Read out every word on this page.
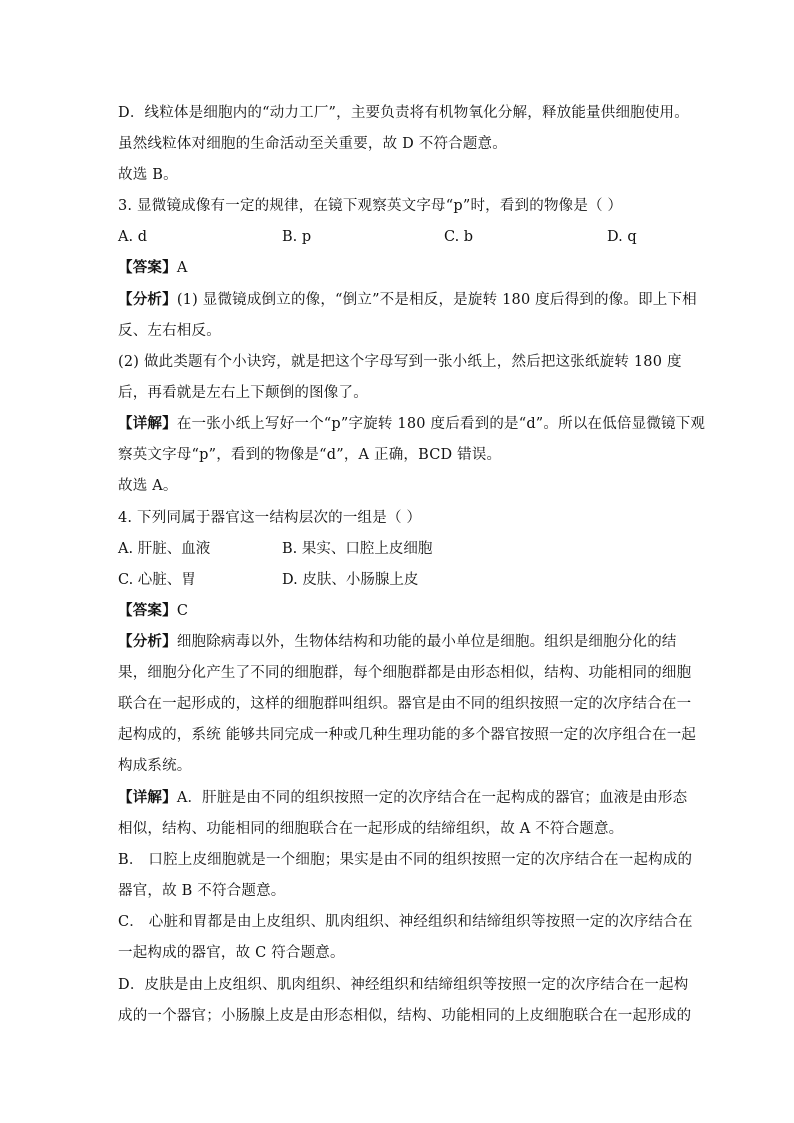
D．线粒体是细胞内的“动力工厂”，主要负责将有机物氧化分解，释放能量供细胞使用。
虽然线粒体对细胞的生命活动至关重要，故 D 不符合题意。
故选 B。
3. 显微镜成像有一定的规律，在镜下观察英文字母“p”时，看到的物像是（ ）
A. d	B. p	C. b	D. q
【答案】A
【分析】(1) 显微镜成倒立的像，“倒立”不是相反，是旋转 180 度后得到的像。即上下相
反、左右相反。
(2) 做此类题有个小诀窍，就是把这个字母写到一张小纸上，然后把这张纸旋转 180 度
后，再看就是左右上下颠倒的图像了。
【详解】在一张小纸上写好一个“p”字旋转 180 度后看到的是“d”。所以在低倍显微镜下观
察英文字母“p”，看到的物像是“d”，A 正确，BCD 错误。
故选 A。
4. 下列同属于器官这一结构层次的一组是（ ）
A. 肝脏、血液	B. 果实、口腔上皮细胞
C. 心脏、胃	D. 皮肤、小肠腺上皮
【答案】C
【分析】细胞除病毒以外，生物体结构和功能的最小单位是细胞。组织是细胞分化的结
果，细胞分化产生了不同的细胞群，每个细胞群都是由形态相似，结构、功能相同的细胞
联合在一起形成的，这样的细胞群叫组织。器官是由不同的组织按照一定的次序结合在一
起构成的，系统 能够共同完成一种或几种生理功能的多个器官按照一定的次序组合在一起
构成系统。
【详解】A．肝脏是由不同的组织按照一定的次序结合在一起构成的器官；血液是由形态
相似，结构、功能相同的细胞联合在一起形成的结缔组织，故 A 不符合题意。
B． 口腔上皮细胞就是一个细胞；果实是由不同的组织按照一定的次序结合在一起构成的
器官，故 B 不符合题意。
C． 心脏和胃都是由上皮组织、肌肉组织、神经组织和结缔组织等按照一定的次序结合在
一起构成的器官，故 C 符合题意。
D．皮肤是由上皮组织、肌肉组织、神经组织和结缔组织等按照一定的次序结合在一起构
成的一个器官；小肠腺上皮是由形态相似，结构、功能相同的上皮细胞联合在一起形成的
